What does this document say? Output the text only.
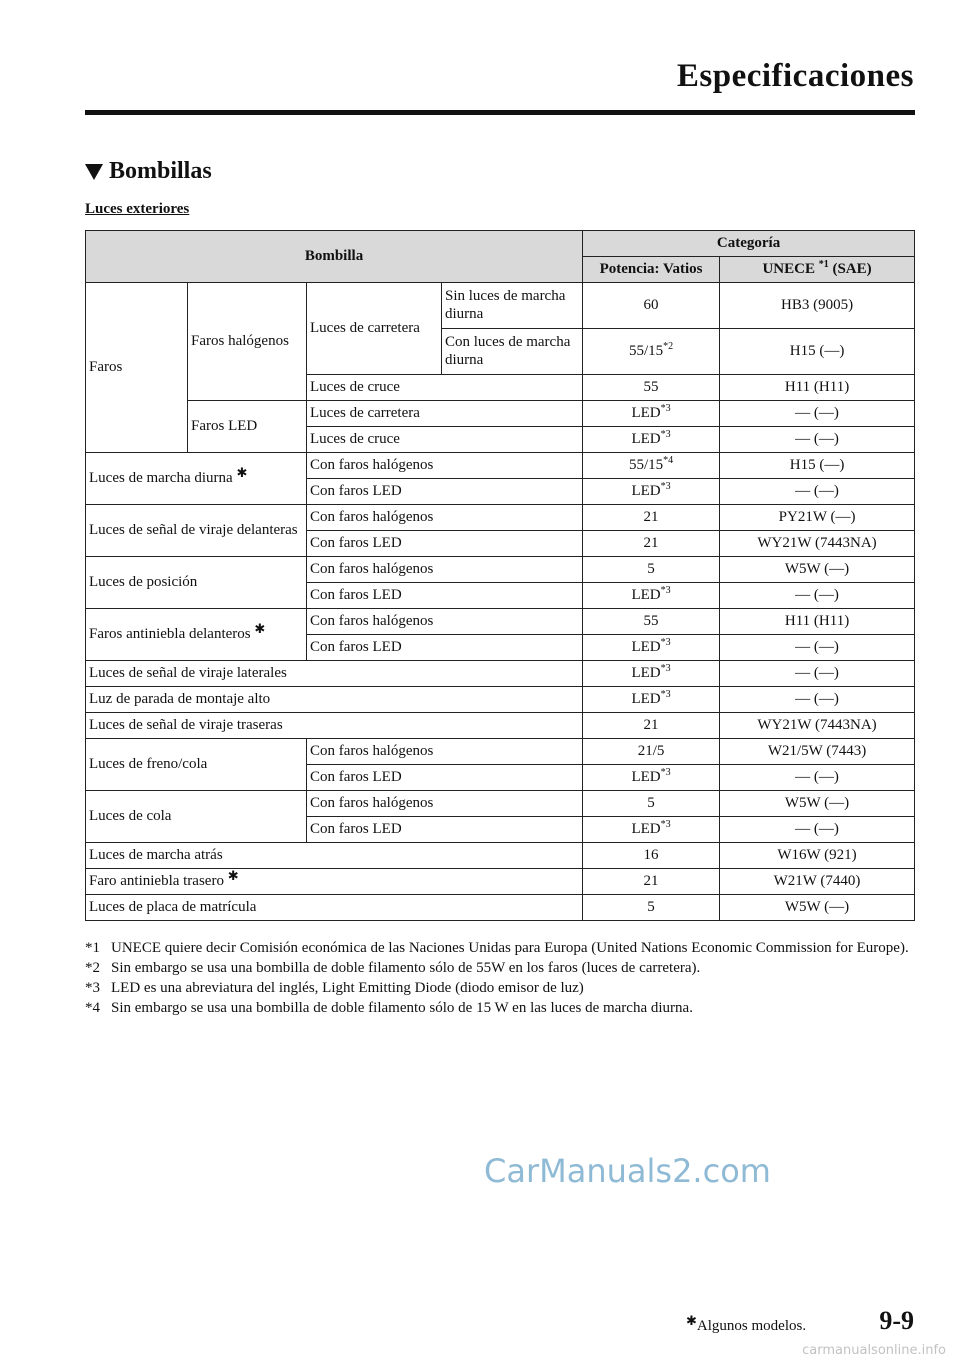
Especificaciones
Bombillas
Luces exteriores
Bombilla				Categoría	
				Potencia: Vatios	UNECE $^{*1}$ (SAE)
Faros	Faros halógenos	Luces de carretera	Sin luces de marcha diurna	60	HB3 (9005)
			Con luces de marcha diurna	55/15$^{*2}$	H15 (—)
		Luces de cruce		55	H11 (H11)
	Faros LED	Luces de carretera		LED$^{*3}$	— (—)
		Luces de cruce		LED$^{*3}$	— (—)
Luces de marcha diurna ✱		Con faros halógenos		55/15$^{*4}$	H15 (—)
		Con faros LED		LED$^{*3}$	— (—)
Luces de señal de viraje delanteras		Con faros halógenos		21	PY21W (—)
		Con faros LED		21	WY21W (7443NA)
Luces de posición		Con faros halógenos		5	W5W (—)
		Con faros LED		LED$^{*3}$	— (—)
Faros antiniebla delanteros ✱		Con faros halógenos		55	H11 (H11)
		Con faros LED		LED$^{*3}$	— (—)
Luces de señal de viraje laterales				LED$^{*3}$	— (—)
Luz de parada de montaje alto				LED$^{*3}$	— (—)
Luces de señal de viraje traseras				21	WY21W (7443NA)
Luces de freno/cola		Con faros halógenos		21/5	W21/5W (7443)
		Con faros LED		LED$^{*3}$	— (—)
Luces de cola		Con faros halógenos		5	W5W (—)
		Con faros LED		LED$^{*3}$	— (—)
Luces de marcha atrás				16	W16W (921)
Faro antiniebla trasero ✱				21	W21W (7440)
Luces de placa de matrícula				5	W5W (—)
*1 UNECE quiere decir Comisión económica de las Naciones Unidas para Europa (United Nations Economic Commission for Europe).
*2 Sin embargo se usa una bombilla de doble filamento sólo de 55W en los faros (luces de carretera).
*3 LED es una abreviatura del inglés, Light Emitting Diode (diodo emisor de luz)
*4 Sin embargo se usa una bombilla de doble filamento sólo de 15 W en las luces de marcha diurna.
CarManuals2.com
✱Algunos modelos.	9-9
carmanualsonline.info
